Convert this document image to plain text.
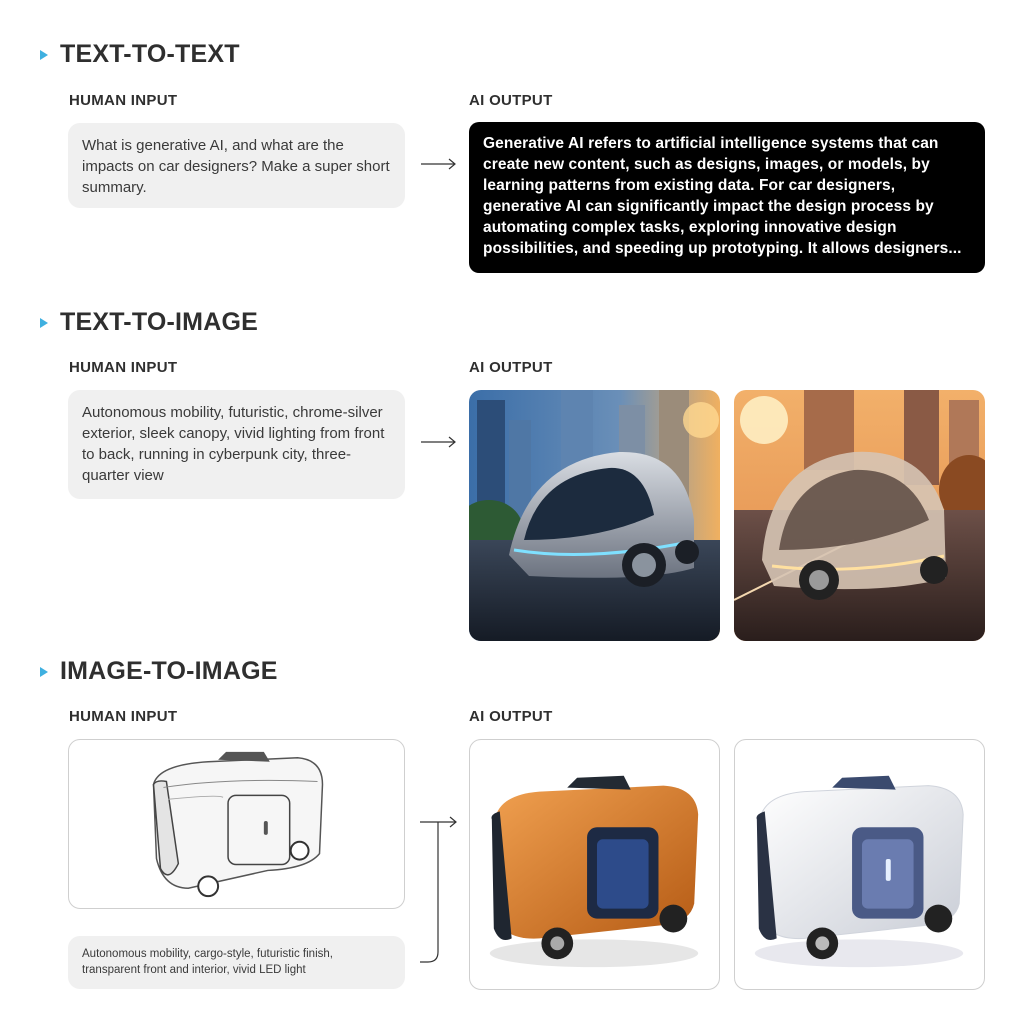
TEXT-TO-TEXT
HUMAN INPUT	AI OUTPUT
What is generative AI, and what are the impacts on car designers? Make a super short summary.
Generative AI refers to artificial intelligence systems that can create new content, such as designs, images, or models, by learning patterns from existing data. For car designers, generative AI can significantly impact the design process by automating complex tasks, exploring innovative design possibilities, and speeding up prototyping. It allows designers...
TEXT-TO-IMAGE
HUMAN INPUT	AI OUTPUT
Autonomous mobility, futuristic, chrome-silver exterior, sleek canopy, vivid lighting from front to back, running in cyberpunk city, three-quarter view
IMAGE-TO-IMAGE
HUMAN INPUT	AI OUTPUT
Autonomous mobility, cargo-style, futuristic finish, transparent front and interior, vivid LED light
